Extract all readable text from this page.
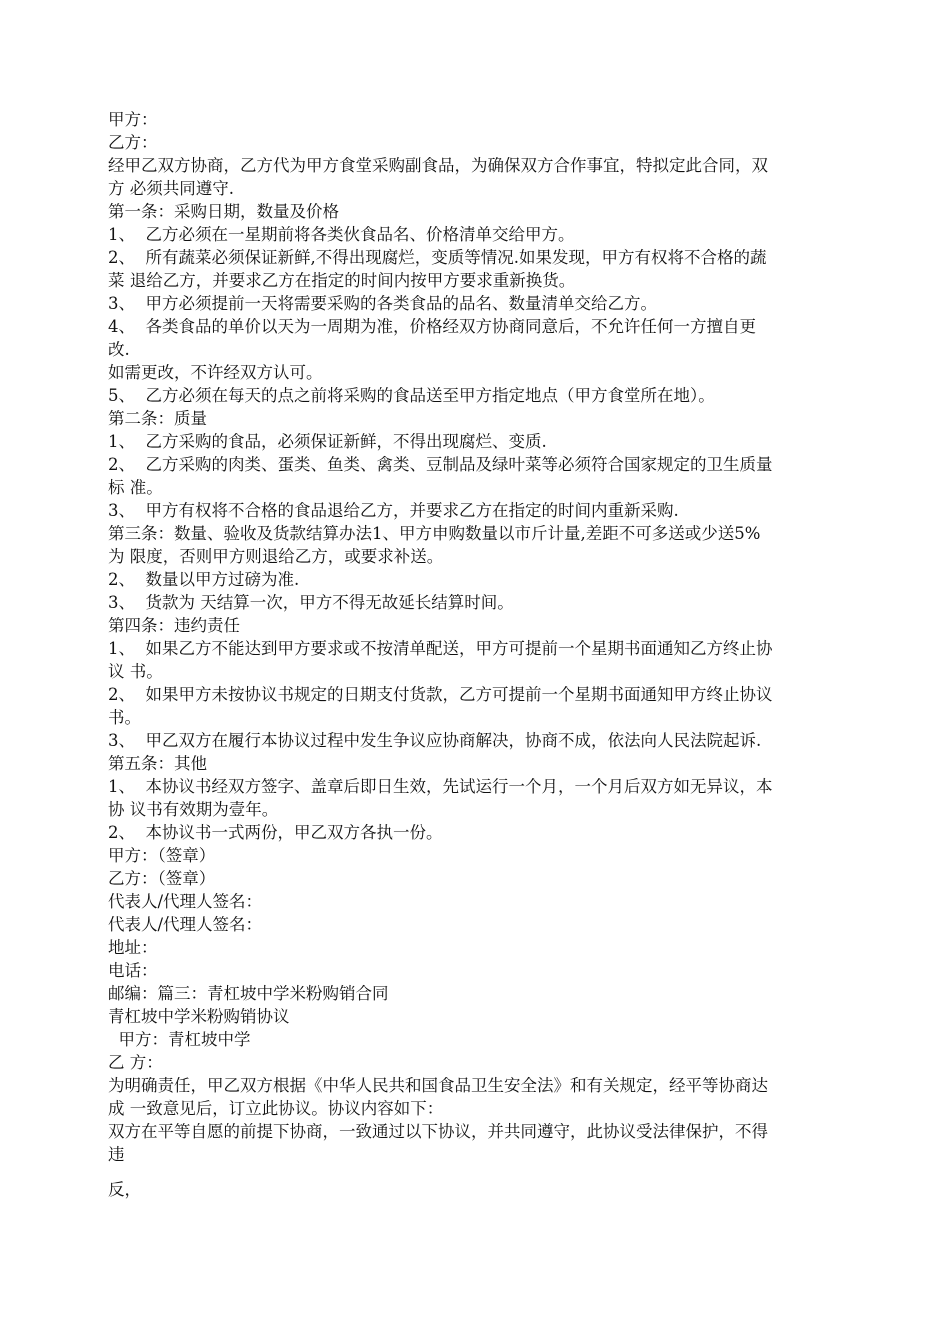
甲方：
乙方：
经甲乙双方协商，乙方代为甲方食堂采购副食品，为确保双方合作事宜，特拟定此合同，双
方 必须共同遵守.
第一条：采购日期，数量及价格
1、  乙方必须在一星期前将各类伙食品名、价格清单交给甲方。
2、  所有蔬菜必须保证新鲜,不得出现腐烂，变质等情况.如果发现，甲方有权将不合格的蔬
菜 退给乙方，并要求乙方在指定的时间内按甲方要求重新换货。
3、  甲方必须提前一天将需要采购的各类食品的品名、数量清单交给乙方。
4、  各类食品的单价以天为一周期为准，价格经双方协商同意后，不允许任何一方擅自更
改.
如需更改，不许经双方认可。
5、  乙方必须在每天的点之前将采购的食品送至甲方指定地点（甲方食堂所在地）。
第二条：质量
1、  乙方采购的食品，必须保证新鲜，不得出现腐烂、变质.
2、  乙方采购的肉类、蛋类、鱼类、禽类、豆制品及绿叶菜等必须符合国家规定的卫生质量
标 准。
3、  甲方有权将不合格的食品退给乙方，并要求乙方在指定的时间内重新采购.
第三条：数量、验收及货款结算办法1、甲方申购数量以市斤计量,差距不可多送或少送5%
为 限度，否则甲方则退给乙方，或要求补送。
2、  数量以甲方过磅为准.
3、  货款为 天结算一次，甲方不得无故延长结算时间。
第四条：违约责任
1、  如果乙方不能达到甲方要求或不按清单配送，甲方可提前一个星期书面通知乙方终止协
议 书。
2、  如果甲方未按协议书规定的日期支付货款，乙方可提前一个星期书面通知甲方终止协议
书。
3、  甲乙双方在履行本协议过程中发生争议应协商解决，协商不成，依法向人民法院起诉.
第五条：其他
1、  本协议书经双方签字、盖章后即日生效，先试运行一个月，一个月后双方如无异议，本
协 议书有效期为壹年。
2、  本协议书一式两份，甲乙双方各执一份。
甲方：（签章）
乙方：（签章）
代表人/代理人签名：
代表人/代理人签名：
地址：
电话：
邮编：篇三：青杠坡中学米粉购销合同
青杠坡中学米粉购销协议
甲方：青杠坡中学
乙 方：
为明确责任，甲乙双方根据《中华人民共和国食品卫生安全法》和有关规定，经平等协商达
成 一致意见后，订立此协议。协议内容如下：
双方在平等自愿的前提下协商，一致通过以下协议，并共同遵守，此协议受法律保护，不得
违
反，
